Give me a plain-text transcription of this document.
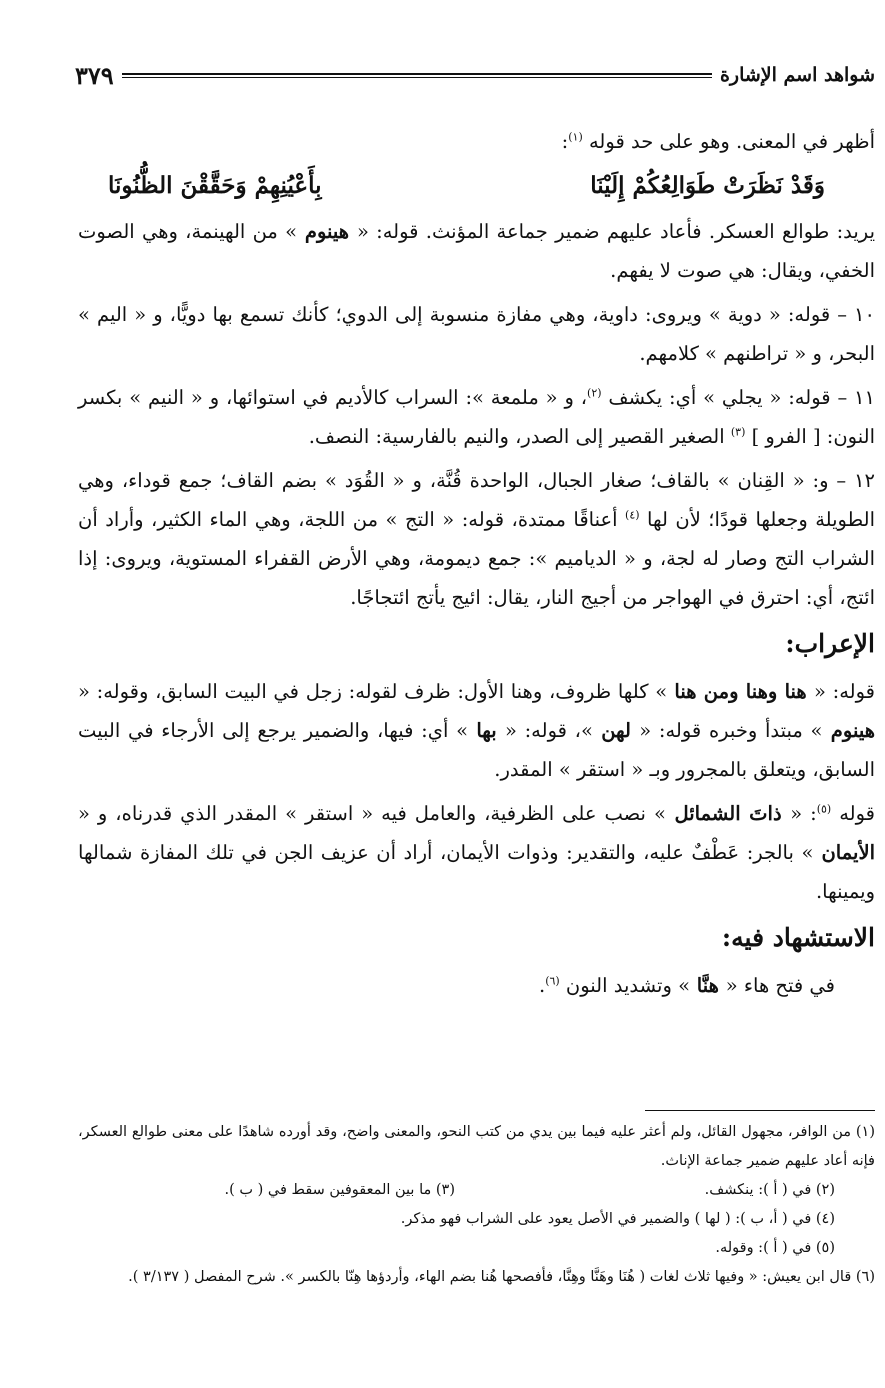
شواهد اسم الإشارة
٣٧٩

أظهر في المعنى. وهو على حد قوله $^{(١)}$:

وَقَدْ نَظَرَتْ طَوَالِعُكُمْ إِلَيْنَا
بِأَعْيُنِهِمْ وَحَقَّقْنَ الظُّنُونَا

يريد: طوالع العسكر. فأعاد عليهم ضمير جماعة المؤنث. قوله: « هينوم » من الهينمة، وهي الصوت الخفي، ويقال: هي صوت لا يفهم.

١٠ – قوله: « دوية » ويروى: داوية، وهي مفازة منسوبة إلى الدوي؛ كأنك تسمع بها دويًّا، و « اليم » البحر، و « تراطنهم » كلامهم.

١١ – قوله: « يجلي » أي: يكشف $^{(٢)}$، و « ملمعة »: السراب كالأديم في استوائها، و « النيم » بكسر النون: [ الفرو ] $^{(٣)}$ الصغير القصير إلى الصدر، والنيم بالفارسية: النصف.

١٢ – و: « القِنان » بالقاف؛ صغار الجبال، الواحدة قُنَّة، و « القُوَد » بضم القاف؛ جمع قوداء، وهي الطويلة وجعلها قودًا؛ لأن لها $^{(٤)}$ أعناقًا ممتدة، قوله: « التج » من اللجة، وهي الماء الكثير، وأراد أن الشراب التج وصار له لجة، و « الدياميم »: جمع ديمومة، وهي الأرض القفراء المستوية، ويروى: إذا ائتج، أي: احترق في الهواجر من أجيج النار، يقال: ائيج يأتج ائتجاجًا.

الإعراب:

قوله: « هنا وهنا ومن هنا » كلها ظروف، وهنا الأول: ظرف لقوله: زجل في البيت السابق، وقوله: « هينوم » مبتدأ وخبره قوله: « لهن »، قوله: « بها » أي: فيها، والضمير يرجع إلى الأرجاء في البيت السابق، ويتعلق بالمجرور وبـ « استقر » المقدر.

قوله $^{(٥)}$: « ذاتَ الشمائل » نصب على الظرفية، والعامل فيه « استقر » المقدر الذي قدرناه، و « الأيمان » بالجر: عَطْفٌ عليه، والتقدير: وذوات الأيمان، أراد أن عزيف الجن في تلك المفازة شمالها ويمينها.

الاستشهاد فيه:

في فتح هاء « هنَّا » وتشديد النون $^{(٦)}$.

(١) من الوافر، مجهول القائل، ولم أعثر عليه فيما بين يدي من كتب النحو، والمعنى واضح، وقد أورده شاهدًا على معنى طوالع العسكر، فإنه أعاد عليهم ضمير جماعة الإناث.

(٢) في ( أ ): ينكشف.

(٣) ما بين المعقوفين سقط في ( ب ).

(٤) في ( أ، ب ): ( لها ) والضمير في الأصل يعود على الشراب فهو مذكر.

(٥) في ( أ ): وقوله.

(٦) قال ابن يعيش: « وفيها ثلاث لغات ( هُنَا وهَنَّا وهِنَّا، فأفصحها هُنا بضم الهاء، وأردؤها هِنّا بالكسر ». شرح المفصل ( ٣/١٣٧ ).
